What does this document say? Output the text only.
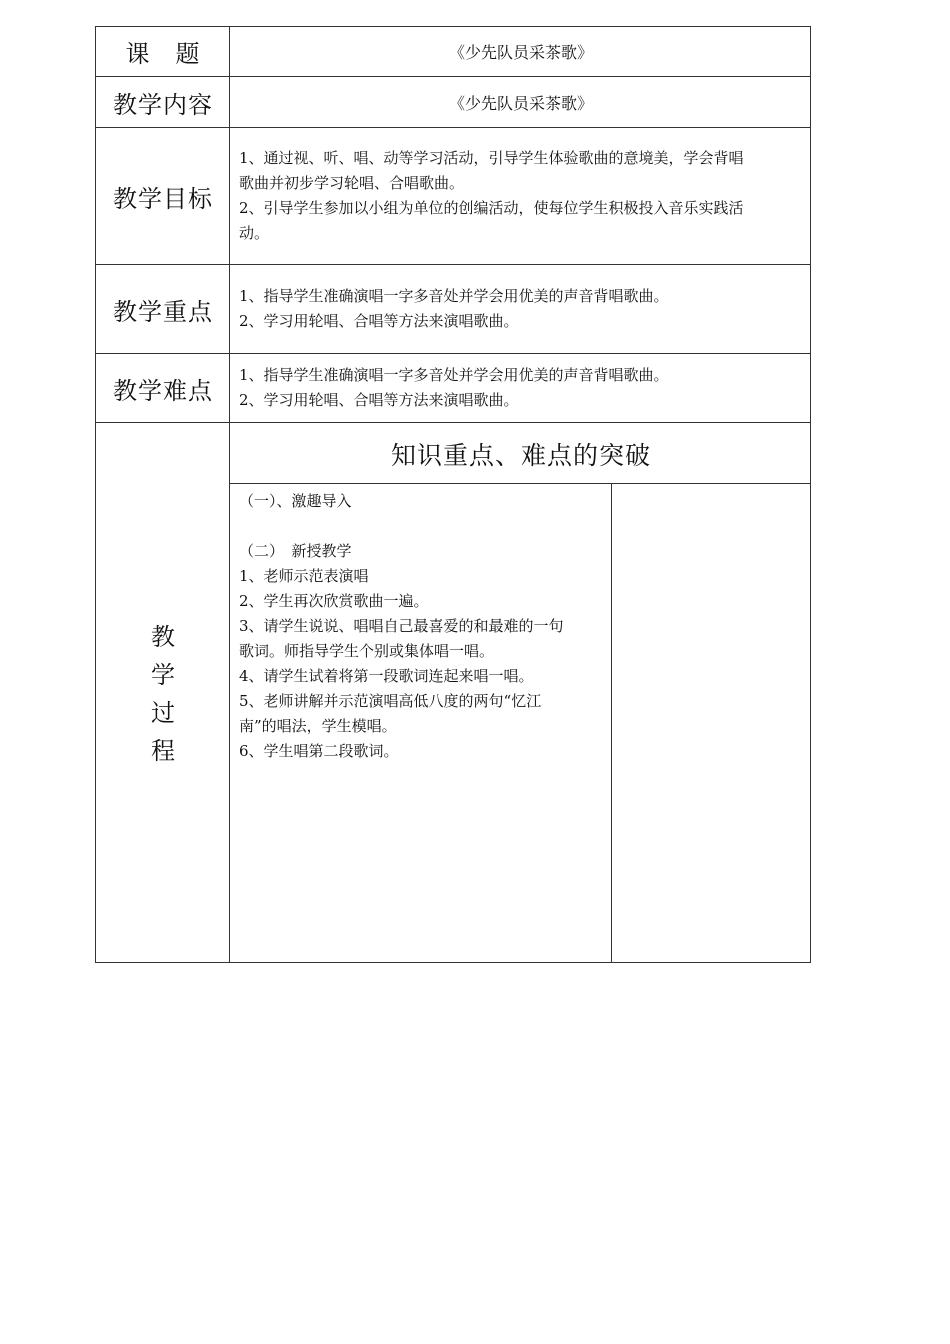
课　题	《少先队员采茶歌》
教学内容	《少先队员采茶歌》
教学目标

1、通过视、听、唱、动等学习活动，引导学生体验歌曲的意境美，学会背唱

歌曲并初步学习轮唱、合唱歌曲。

2、引导学生参加以小组为单位的创编活动，使每位学生积极投入音乐实践活

动。

教学重点

1、指导学生准确演唱一字多音处并学会用优美的声音背唱歌曲。

2、学习用轮唱、合唱等方法来演唱歌曲。

教学难点

1、指导学生准确演唱一字多音处并学会用优美的声音背唱歌曲。

2、学习用轮唱、合唱等方法来演唱歌曲。

教
学
过
程
知识重点、难点的突破

（一）、激趣导入

（二）　新授教学

1、老师示范表演唱

2、学生再次欣赏歌曲一遍。

3、请学生说说、唱唱自己最喜爱的和最难的一句

歌词。师指导学生个别或集体唱一唱。

4、请学生试着将第一段歌词连起来唱一唱。

5、老师讲解并示范演唱高低八度的两句“忆江

南”的唱法，学生模唱。

6、学生唱第二段歌词。
